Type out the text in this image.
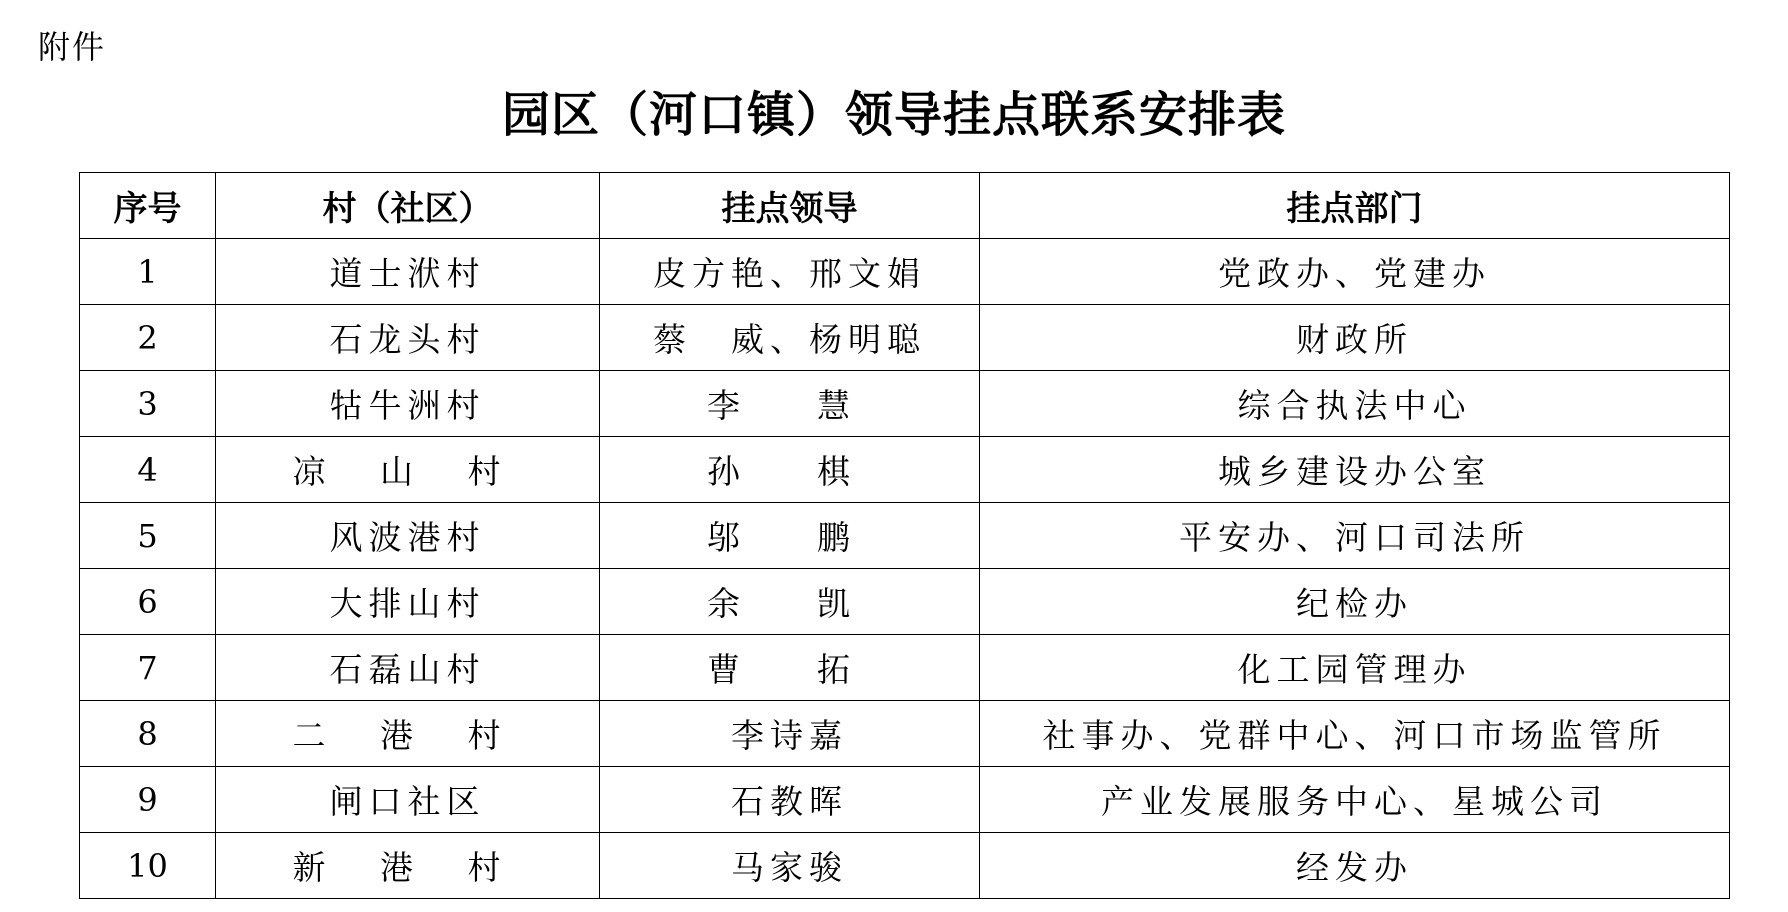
附件
园区（河口镇）领导挂点联系安排表
序号	村（社区）	挂点领导	挂点部门
1	道士洑村	皮方艳、邢文娟	党政办、党建办
2	石龙头村	蔡　威、杨明聪	财政所
3	牯牛洲村	李　慧	综合执法中心
4	凉 山 村	孙　棋	城乡建设办公室
5	风波港村	邬　鹏	平安办、河口司法所
6	大排山村	余　凯	纪检办
7	石磊山村	曹　拓	化工园管理办
8	二 港 村	李诗嘉	社事办、党群中心、河口市场监管所
9	闸口社区	石教晖	产业发展服务中心、星城公司
10	新 港 村	马家骏	经发办
